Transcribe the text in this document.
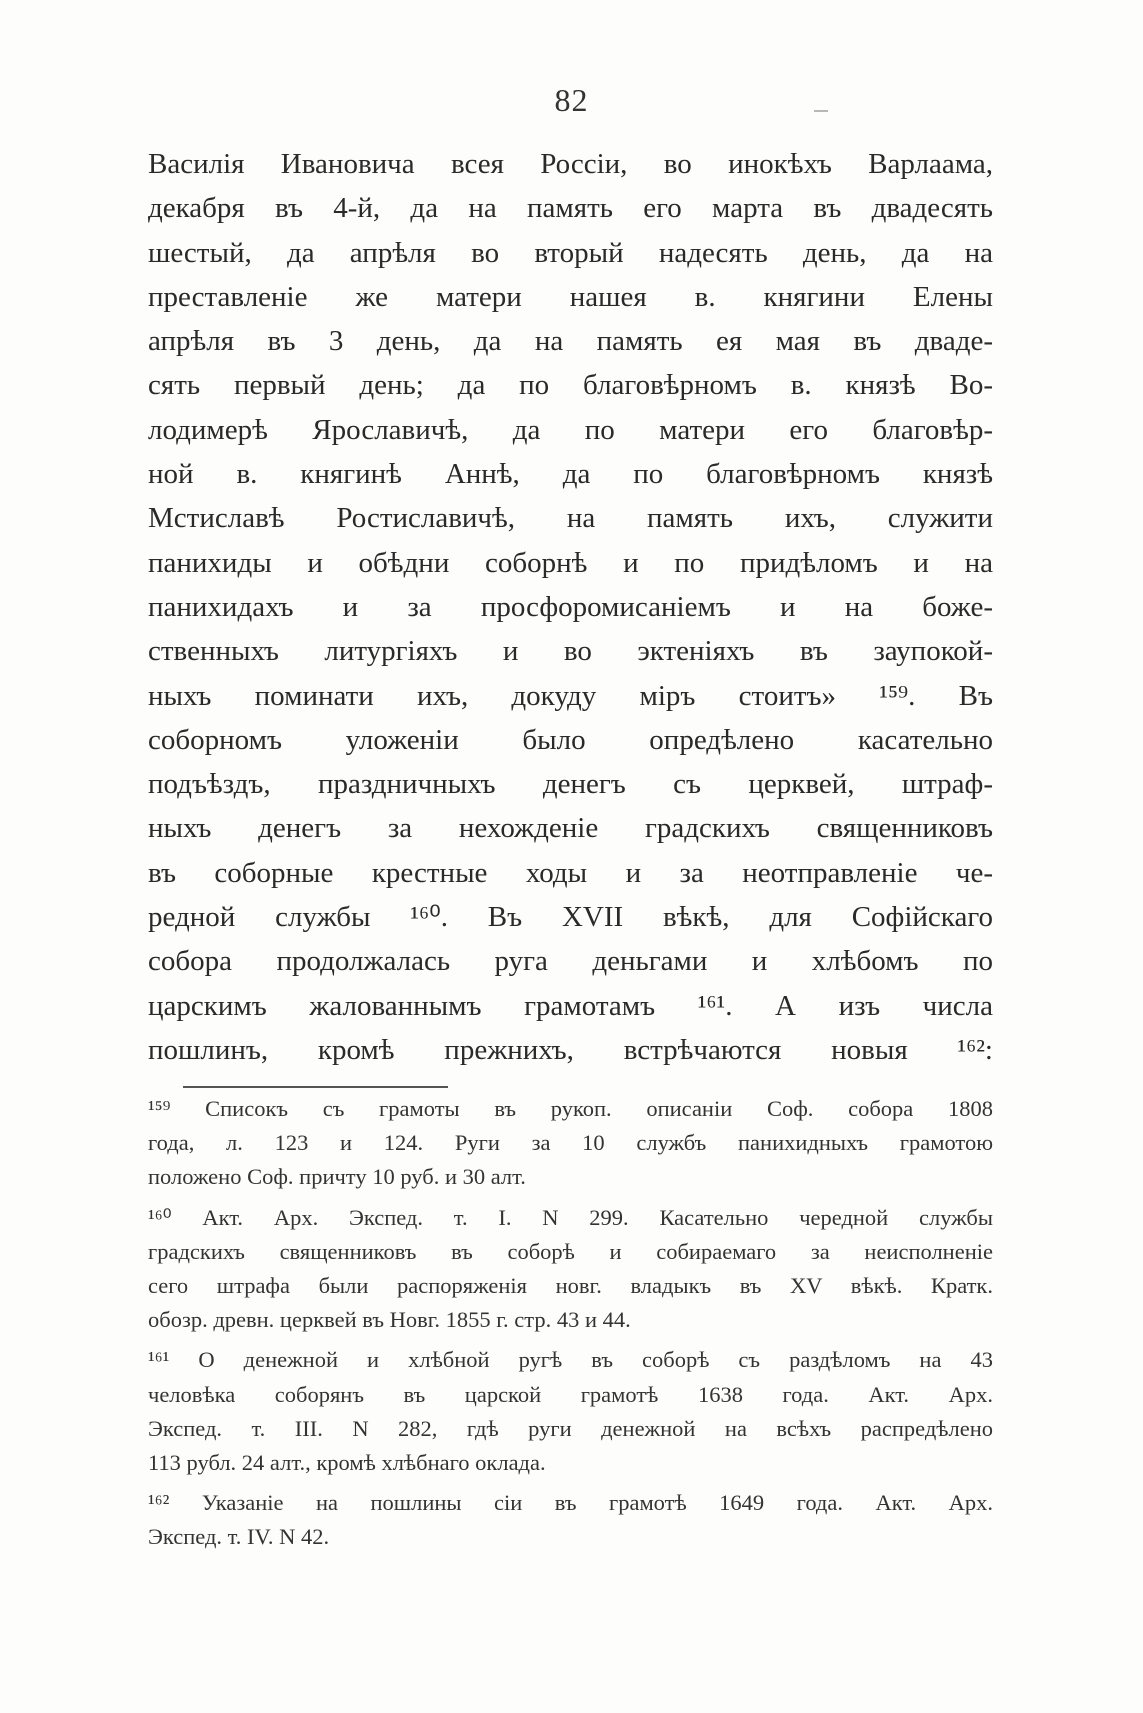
82
Василія Ивановича всея Россіи, во инокѣхъ Варлаама,
декабря въ 4-й, да на память его марта въ двадесять
шестый, да апрѣля во вторый надесять день, да на
преставленіе же матери нашея в. княгини Елены
апрѣля въ 3 день, да на память ея мая въ дваде-
сять первый день; да по благовѣрномъ в. князѣ Во-
лодимерѣ Ярославичѣ, да по матери его благовѣр-
ной в. княгинѣ Аннѣ, да по благовѣрномъ князѣ
Мстиславѣ Ростиславичѣ, на память ихъ, служити
панихиды и обѣдни соборнѣ и по придѣломъ и на
панихидахъ и за просфоромисаніемъ и на боже-
ственныхъ литургіяхъ и во эктеніяхъ въ заупокой-
ныхъ поминати ихъ, докуду міръ стоитъ» ¹⁵⁹. Въ
соборномъ уложеніи было опредѣлено касательно
подъѣздъ, праздничныхъ денегъ съ церквей, штраф-
ныхъ денегъ за нехожденіе градскихъ священниковъ
въ соборные крестные ходы и за неотправленіе че-
редной службы ¹⁶⁰. Въ XVII вѣкѣ, для Софійскаго
собора продолжалась руга деньгами и хлѣбомъ по
царскимъ жалованнымъ грамотамъ ¹⁶¹. А изъ числа
пошлинъ, кромѣ прежнихъ, встрѣчаются новыя ¹⁶²:
¹⁵⁹ Списокъ съ грамоты въ рукоп. описаніи Соф. собора 1808
года, л. 123 и 124. Руги за 10 службъ панихидныхъ грамотою
положено Соф. причту 10 руб. и 30 алт.
¹⁶⁰ Акт. Арх. Экспед. т. I. N 299. Касательно чередной службы
градскихъ священниковъ въ соборѣ и собираемаго за неисполненіе
сего штрафа были распоряженія новг. владыкъ въ XV вѣкѣ. Кратк.
обозр. древн. церквей въ Новг. 1855 г. стр. 43 и 44.
¹⁶¹ О денежной и хлѣбной ругѣ въ соборѣ съ раздѣломъ на 43
человѣка соборянъ въ царской грамотѣ 1638 года. Акт. Арх.
Экспед. т. III. N 282, гдѣ руги денежной на всѣхъ распредѣлено
113 рубл. 24 алт., кромѣ хлѣбнаго оклада.
¹⁶² Указаніе на пошлины сіи въ грамотѣ 1649 года. Акт. Арх.
Экспед. т. IV. N 42.
